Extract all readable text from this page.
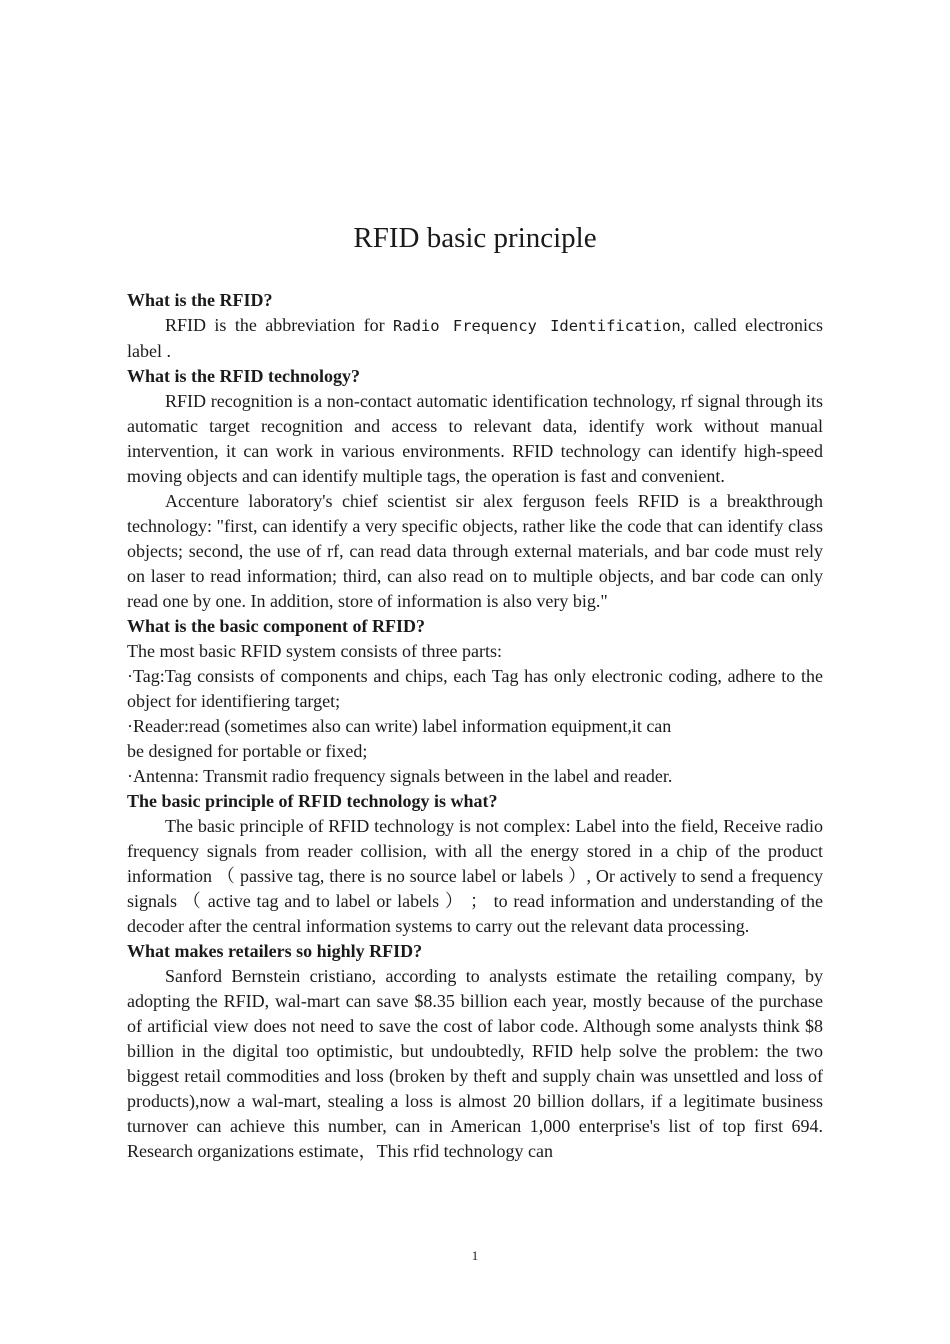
RFID basic principle

What is the RFID?

RFID is the abbreviation for Radio Frequency Identification, called electronics label .

What is the RFID technology?

RFID recognition is a non-contact automatic identification technology, rf signal through its automatic target recognition and access to relevant data, identify work without manual intervention, it can work in various environments. RFID technology can identify high-speed moving objects and can identify multiple tags, the operation is fast and convenient.

Accenture laboratory's chief scientist sir alex ferguson feels RFID is a breakthrough technology: "first, can identify a very specific objects, rather like the code that can identify class objects; second, the use of rf, can read data through external materials, and bar code must rely on laser to read information; third, can also read on to multiple objects, and bar code can only read one by one. In addition, store of information is also very big."

What is the basic component of RFID?

The most basic RFID system consists of three parts:

·Tag:Tag consists of components and chips, each Tag has only electronic coding, adhere to the object for identifiering target;

·Reader:read (sometimes also can write) label information equipment,it can
be designed for portable or fixed;

·Antenna: Transmit radio frequency signals between in the label and reader.

The basic principle of RFID technology is what?

The basic principle of RFID technology is not complex: Label into the field, Receive radio frequency signals from reader collision, with all the energy stored in a chip of the product information （ passive tag, there is no source label or labels ）, Or actively to send a frequency signals （ active tag and to label or labels ） ； to read information and understanding of the decoder after the central information systems to carry out the relevant data processing.

What makes retailers so highly RFID?

Sanford Bernstein cristiano, according to analysts estimate the retailing company, by adopting the RFID, wal-mart can save $8.35 billion each year, mostly because of the purchase of artificial view does not need to save the cost of labor code. Although some analysts think $8 billion in the digital too optimistic, but undoubtedly, RFID help solve the problem: the two biggest retail commodities and loss (broken by theft and supply chain was unsettled and loss of products),now a wal-mart, stealing a loss is almost 20 billion dollars, if a legitimate business turnover can achieve this number, can in American 1,000 enterprise's list of top first 694. Research organizations estimate，This rfid technology can

1
